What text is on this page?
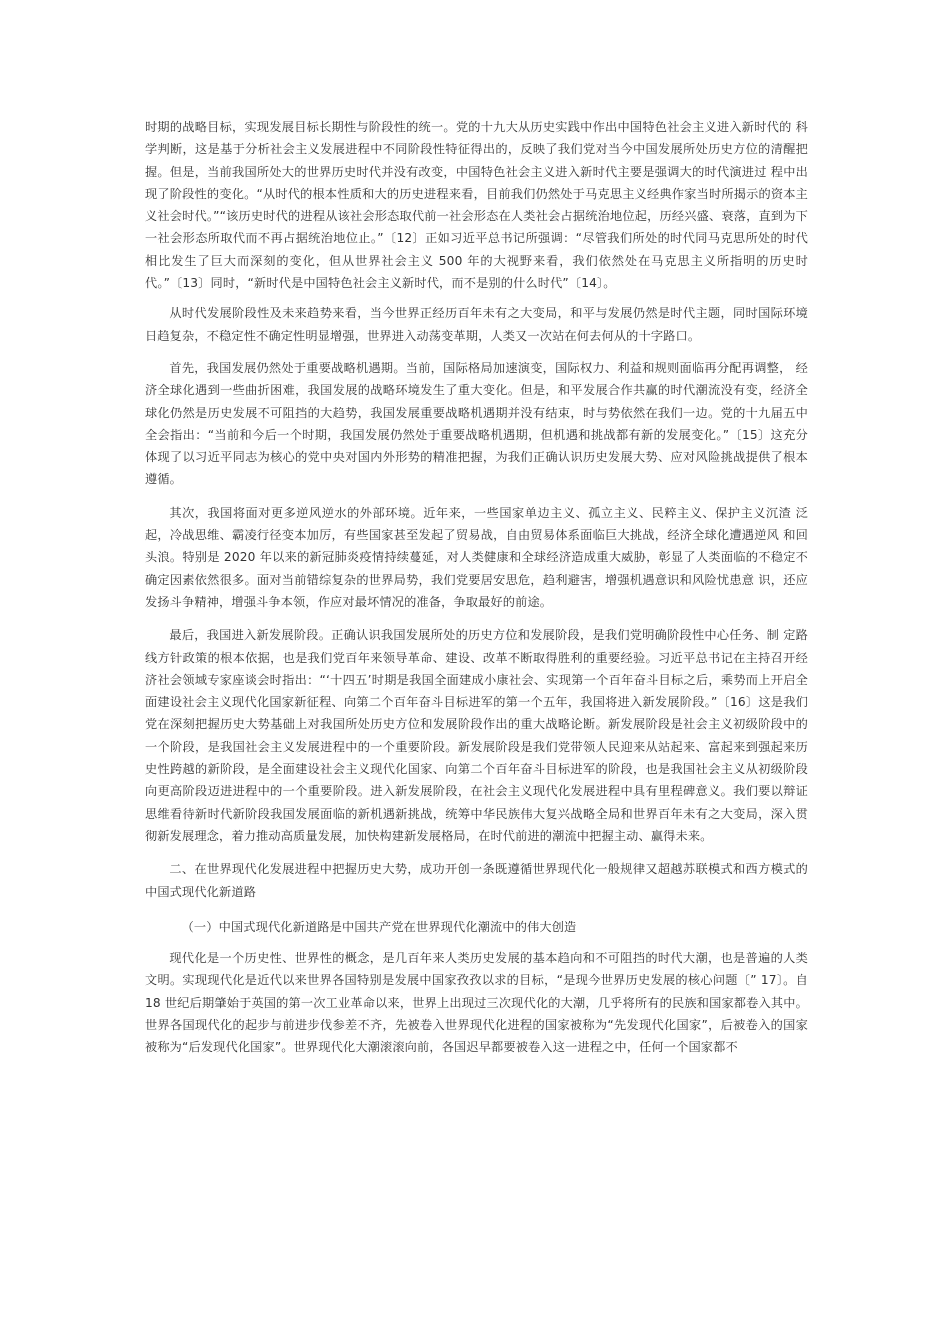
时期的战略目标，实现发展目标长期性与阶段性的统一。党的十九大从历史实践中作出中国特色社会主义进入新时代的 科学判断，这是基于分析社会主义发展进程中不同阶段性特征得出的，反映了我们党对当今中国发展所处历史方位的清醒把握。但是，当前我国所处大的世界历史时代并没有改变，中国特色社会主义进入新时代主要是强调大的时代演进过 程中出现了阶段性的变化。“从时代的根本性质和大的历史进程来看，目前我们仍然处于马克思主义经典作家当时所揭示的资本主义社会时代。”“该历史时代的进程从该社会形态取代前一社会形态在人类社会占据统治地位起，历经兴盛、衰落，直到为下一社会形态所取代而不再占据统治地位止。”〔12〕正如习近平总书记所强调：“尽管我们所处的时代同马克思所处的时代相比发生了巨大而深刻的变化，但从世界社会主义 500 年的大视野来看，我们依然处在马克思主义所指明的历史时代。”〔13〕同时，“新时代是中国特色社会主义新时代，而不是别的什么时代”〔14〕。

从时代发展阶段性及未来趋势来看，当今世界正经历百年未有之大变局，和平与发展仍然是时代主题，同时国际环境日趋复杂，不稳定性不确定性明显增强，世界进入动荡变革期，人类又一次站在何去何从的十字路口。

首先，我国发展仍然处于重要战略机遇期。当前，国际格局加速演变，国际权力、利益和规则面临再分配再调整， 经济全球化遇到一些曲折困难，我国发展的战略环境发生了重大变化。但是，和平发展合作共赢的时代潮流没有变，经济全球化仍然是历史发展不可阻挡的大趋势，我国发展重要战略机遇期并没有结束，时与势依然在我们一边。党的十九届五中全会指出：“当前和今后一个时期，我国发展仍然处于重要战略机遇期，但机遇和挑战都有新的发展变化。”〔15〕这充分体现了以习近平同志为核心的党中央对国内外形势的精准把握，为我们正确认识历史发展大势、应对风险挑战提供了根本遵循。

其次，我国将面对更多逆风逆水的外部环境。近年来，一些国家单边主义、孤立主义、民粹主义、保护主义沉渣 泛起，冷战思维、霸凌行径变本加厉，有些国家甚至发起了贸易战，自由贸易体系面临巨大挑战，经济全球化遭遇逆风 和回头浪。特别是 2020 年以来的新冠肺炎疫情持续蔓延，对人类健康和全球经济造成重大威胁，彰显了人类面临的不稳定不确定因素依然很多。面对当前错综复杂的世界局势，我们党要居安思危，趋利避害，增强机遇意识和风险忧患意 识，还应发扬斗争精神，增强斗争本领，作应对最坏情况的准备，争取最好的前途。

最后，我国进入新发展阶段。正确认识我国发展所处的历史方位和发展阶段，是我们党明确阶段性中心任务、制 定路线方针政策的根本依据，也是我们党百年来领导革命、建设、改革不断取得胜利的重要经验。习近平总书记在主持召开经济社会领域专家座谈会时指出：“‘十四五’时期是我国全面建成小康社会、实现第一个百年奋斗目标之后，乘势而上开启全面建设社会主义现代化国家新征程、向第二个百年奋斗目标进军的第一个五年，我国将进入新发展阶段。”〔16〕这是我们党在深刻把握历史大势基础上对我国所处历史方位和发展阶段作出的重大战略论断。新发展阶段是社会主义初级阶段中的一个阶段，是我国社会主义发展进程中的一个重要阶段。新发展阶段是我们党带领人民迎来从站起来、富起来到强起来历史性跨越的新阶段，是全面建设社会主义现代化国家、向第二个百年奋斗目标进军的阶段，也是我国社会主义从初级阶段向更高阶段迈进进程中的一个重要阶段。进入新发展阶段，在社会主义现代化发展进程中具有里程碑意义。我们要以辩证思维看待新时代新阶段我国发展面临的新机遇新挑战，统筹中华民族伟大复兴战略全局和世界百年未有之大变局，深入贯彻新发展理念，着力推动高质量发展，加快构建新发展格局，在时代前进的潮流中把握主动、赢得未来。

二、在世界现代化发展进程中把握历史大势，成功开创一条既遵循世界现代化一般规律又超越苏联模式和西方模式的中国式现代化新道路

（一）中国式现代化新道路是中国共产党在世界现代化潮流中的伟大创造

现代化是一个历史性、世界性的概念，是几百年来人类历史发展的基本趋向和不可阻挡的时代大潮，也是普遍的人类文明。实现现代化是近代以来世界各国特别是发展中国家孜孜以求的目标，“是现今世界历史发展的核心问题〔” 17〕。自 18 世纪后期肇始于英国的第一次工业革命以来，世界上出现过三次现代化的大潮，几乎将所有的民族和国家都卷入其中。世界各国现代化的起步与前进步伐参差不齐，先被卷入世界现代化进程的国家被称为“先发现代化国家”，后被卷入的国家被称为“后发现代化国家”。世界现代化大潮滚滚向前，各国迟早都要被卷入这一进程之中，任何一个国家都不
